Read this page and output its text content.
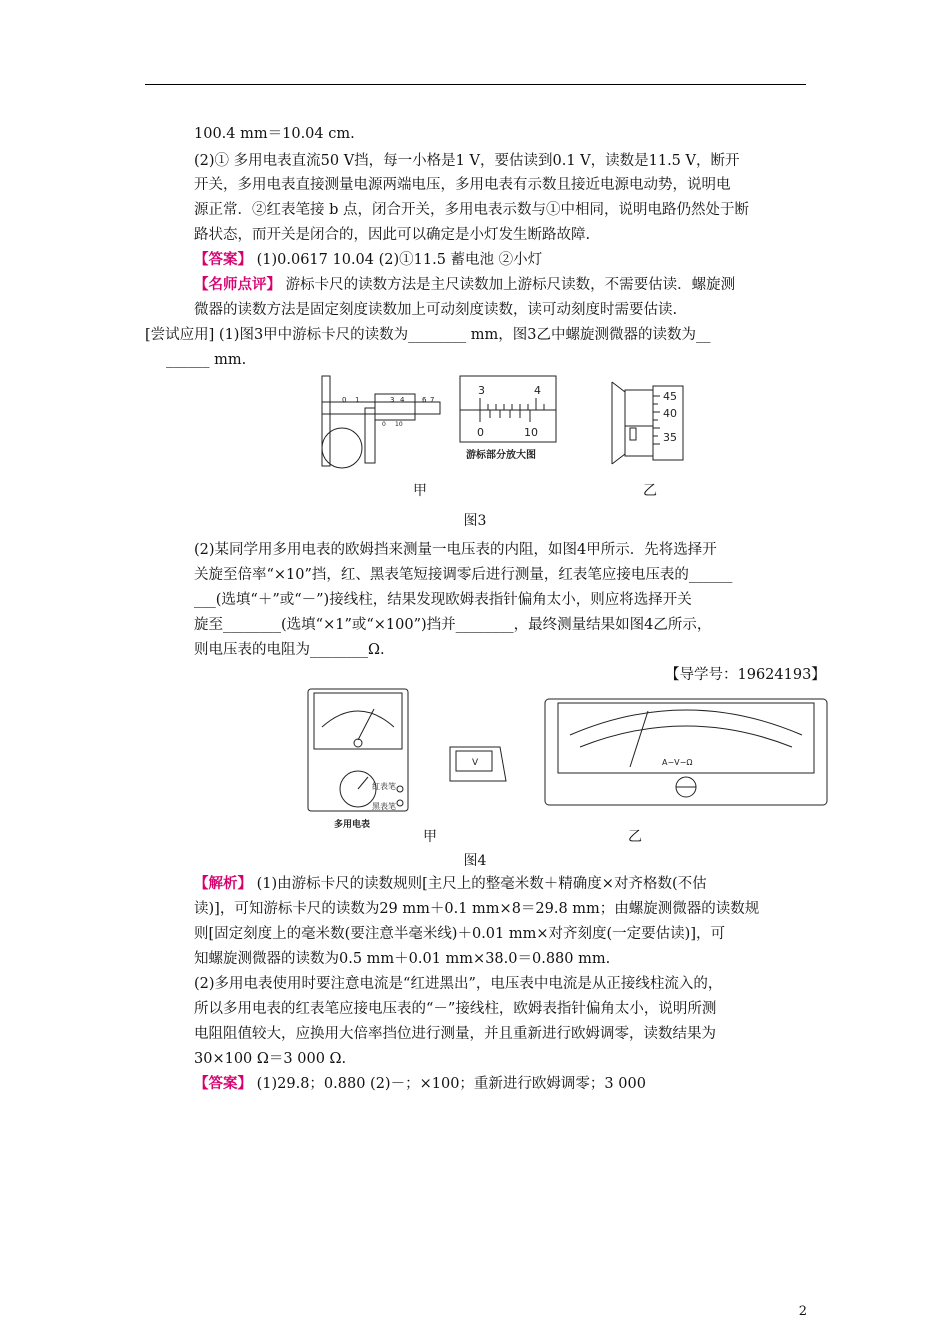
100.4 mm＝10.04 cm.
(2)① 多用电表直流50 V挡，每一小格是1 V，要估读到0.1 V，读数是11.5 V，断开
开关，多用电表直接测量电源两端电压，多用电表有示数且接近电源电动势，说明电
源正常．②红表笔接 b 点，闭合开关，多用电表示数与①中相同，说明电路仍然处于断
路状态，而开关是闭合的，因此可以确定是小灯发生断路故障.
【答案】 (1)0.0617 10.04 (2)①11.5 蓄电池 ②小灯
【名师点评】 游标卡尺的读数方法是主尺读数加上游标尺读数，不需要估读．螺旋测
微器的读数方法是固定刻度读数加上可动刻度读数，读可动刻度时需要估读.
[尝试应用] (1)图3甲中游标卡尺的读数为________ mm，图3乙中螺旋测微器的读数为__
______ mm.
0 1	3 4	6 7
0 10
3	4
0	10
游标部分放大图
45
40
35
甲	乙
图3
(2)某同学用多用电表的欧姆挡来测量一电压表的内阻，如图4甲所示．先将选择开
关旋至倍率“×10”挡，红、黑表笔短接调零后进行测量，红表笔应接电压表的______
___(选填“＋”或“－”)接线柱，结果发现欧姆表指针偏角太小，则应将选择开关
旋至________(选填“×1”或“×100”)挡并________，最终测量结果如图4乙所示，
则电压表的电阻为________Ω.
【导学号：19624193】
红表笔
黑表笔
多用电表
V	A−V−Ω
甲	乙
图4
【解析】 (1)由游标卡尺的读数规则[主尺上的整毫米数＋精确度×对齐格数(不估
读)]，可知游标卡尺的读数为29 mm＋0.1 mm×8＝29.8 mm；由螺旋测微器的读数规
则[固定刻度上的毫米数(要注意半毫米线)＋0.01 mm×对齐刻度(一定要估读)]，可
知螺旋测微器的读数为0.5 mm＋0.01 mm×38.0＝0.880 mm.
(2)多用电表使用时要注意电流是“红进黑出”，电压表中电流是从正接线柱流入的，
所以多用电表的红表笔应接电压表的“－”接线柱，欧姆表指针偏角太小，说明所测
电阻阻值较大，应换用大倍率挡位进行测量，并且重新进行欧姆调零，读数结果为
30×100 Ω＝3 000 Ω.
【答案】 (1)29.8；0.880 (2)－；×100；重新进行欧姆调零；3 000
2
